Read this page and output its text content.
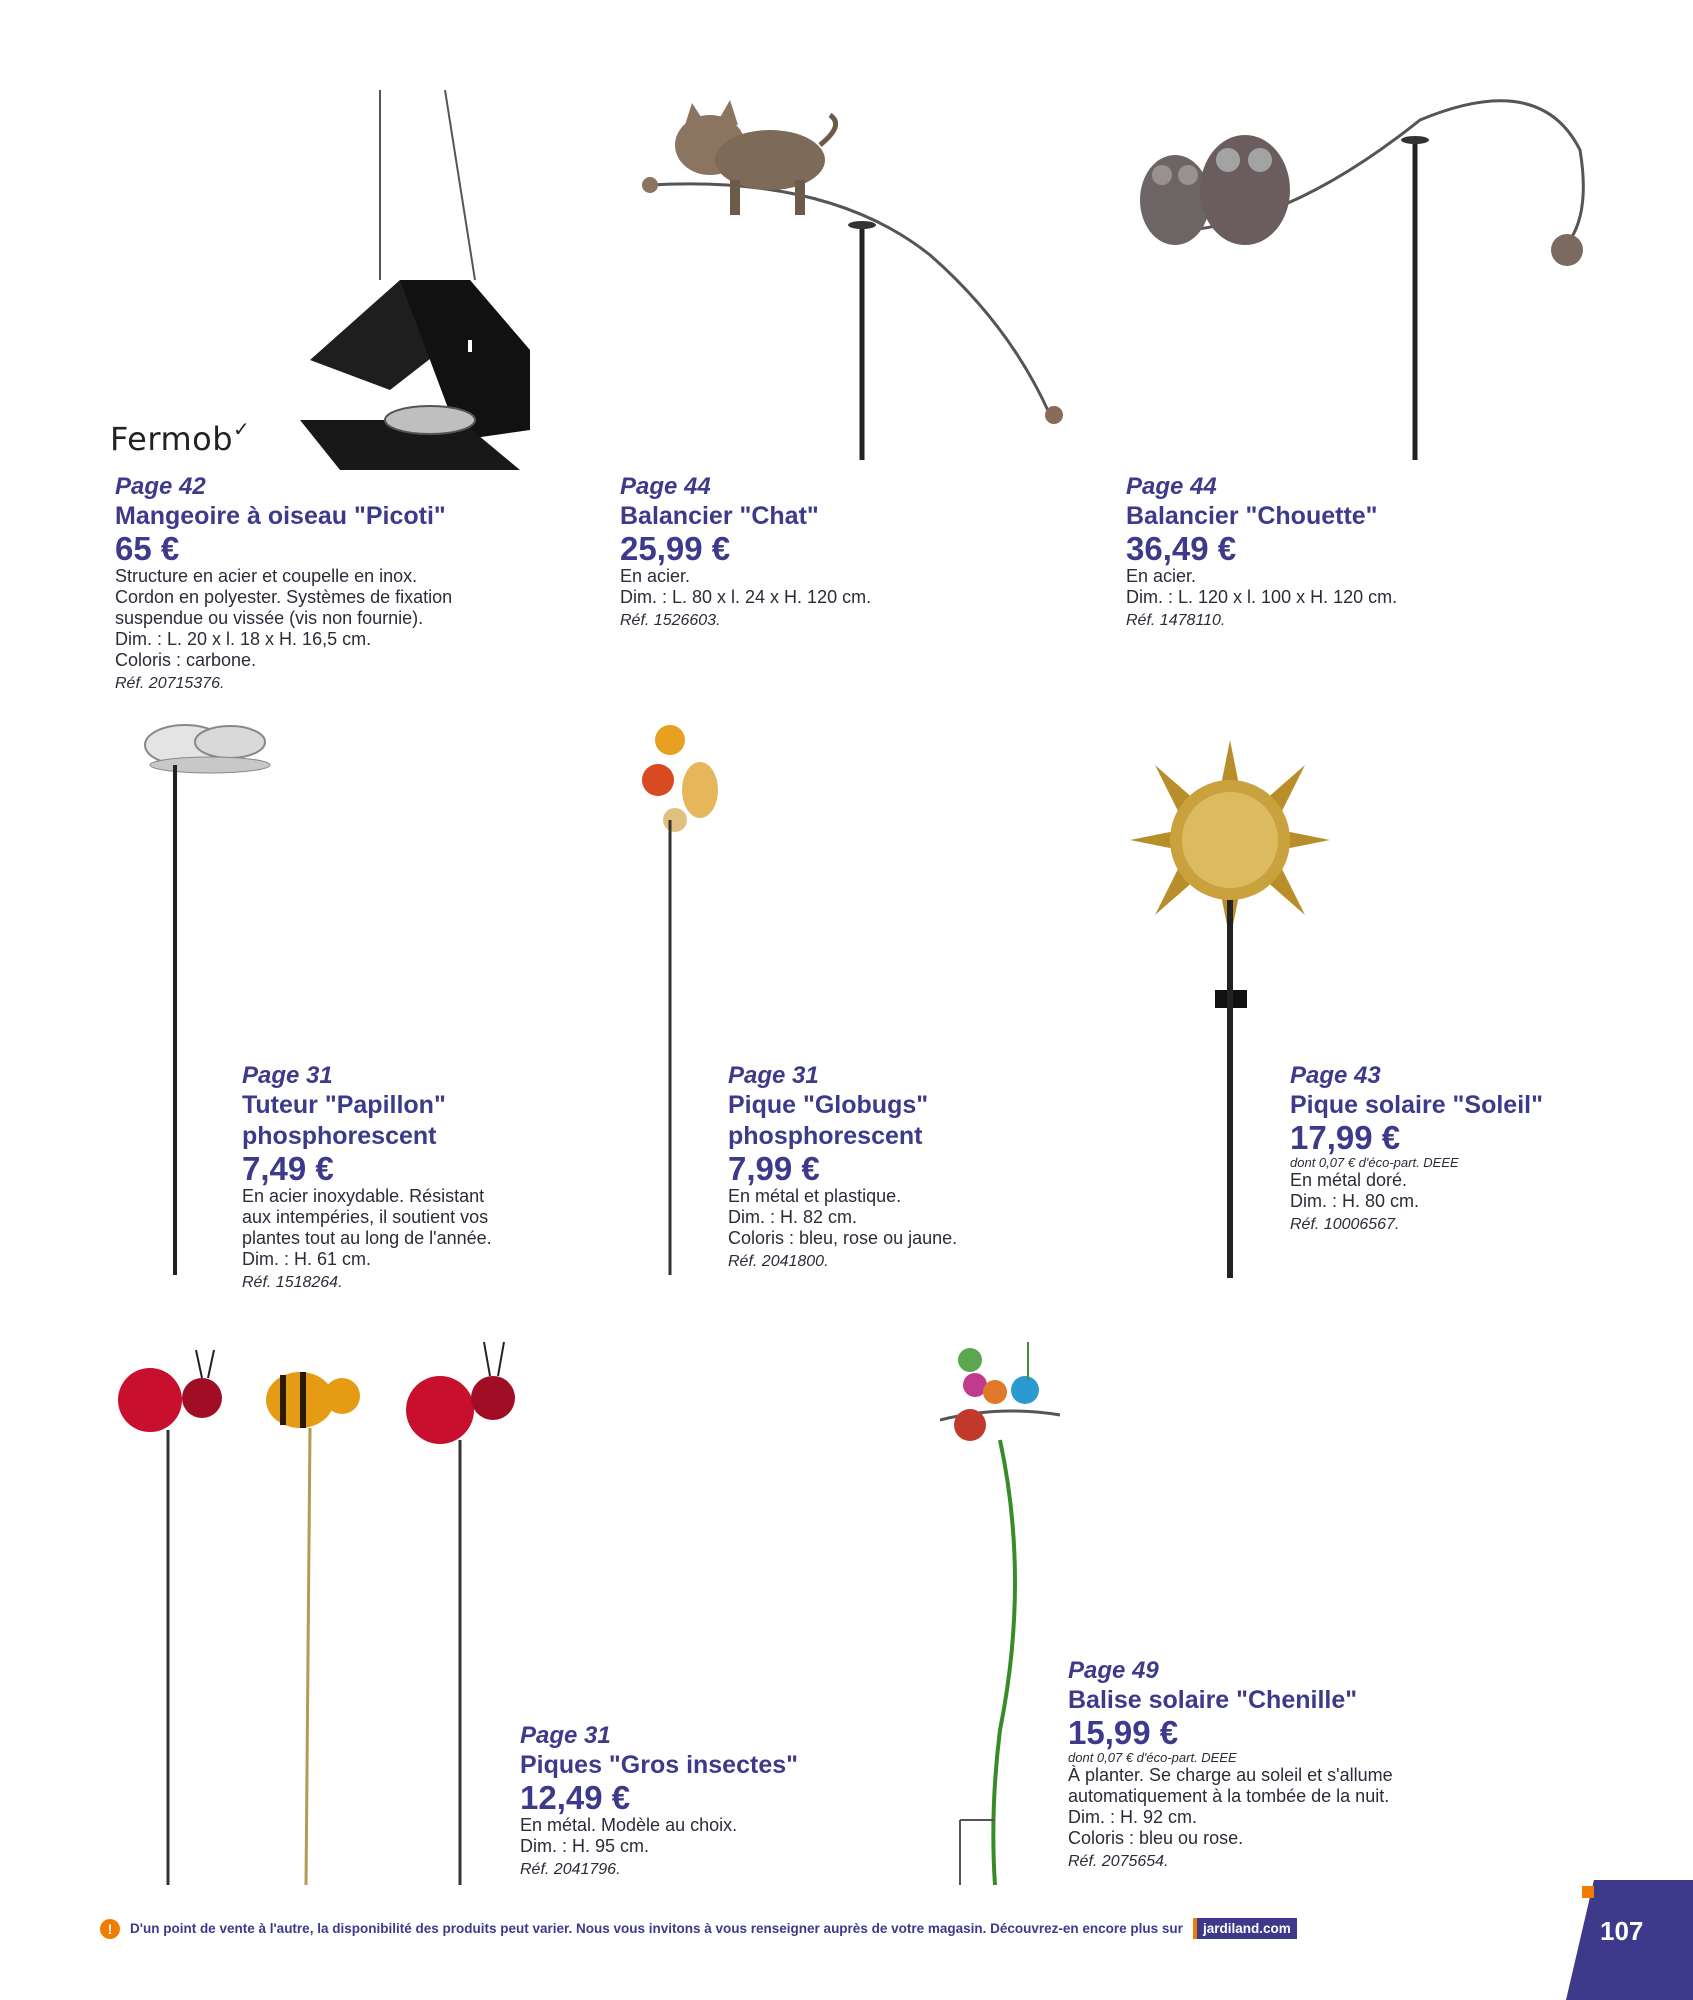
Fermob✓

Page 42

Mangeoire à oiseau "Picoti"

65 €

Structure en acier et coupelle en inox.

Cordon en polyester. Systèmes de fixation

suspendue ou vissée (vis non fournie).

Dim. : L. 20 x l. 18 x H. 16,5 cm.

Coloris : carbone.

Réf. 20715376.

Page 44

Balancier "Chat"

25,99 €

En acier.

Dim. : L. 80 x l. 24 x H. 120 cm.

Réf. 1526603.

Page 44

Balancier "Chouette"

36,49 €

En acier.

Dim. : L. 120 x l. 100 x H. 120 cm.

Réf. 1478110.

Page 31

Tuteur "Papillon"

phosphorescent

7,49 €

En acier inoxydable. Résistant

aux intempéries, il soutient vos

plantes tout au long de l'année.

Dim. : H. 61 cm.

Réf. 1518264.

Page 31

Pique "Globugs"

phosphorescent

7,99 €

En métal et plastique.

Dim. : H. 82 cm.

Coloris : bleu, rose ou jaune.

Réf. 2041800.

Page 43

Pique solaire "Soleil"

17,99 €

dont 0,07 € d'éco-part. DEEE

En métal doré.

Dim. : H. 80 cm.

Réf. 10006567.

Page 31

Piques "Gros insectes"

12,49 €

En métal. Modèle au choix.

Dim. : H. 95 cm.

Réf. 2041796.

Page 49

Balise solaire "Chenille"

15,99 €

dont 0,07 € d'éco-part. DEEE

À planter. Se charge au soleil et s'allume

automatiquement à la tombée de la nuit.

Dim. : H. 92 cm.

Coloris : bleu ou rose.

Réf. 2075654.

!	D'un point de vente à l'autre, la disponibilité des produits peut varier. Nous vous invitons à vous renseigner auprès de votre magasin. Découvrez-en encore plus sur	jardiland.com	107
